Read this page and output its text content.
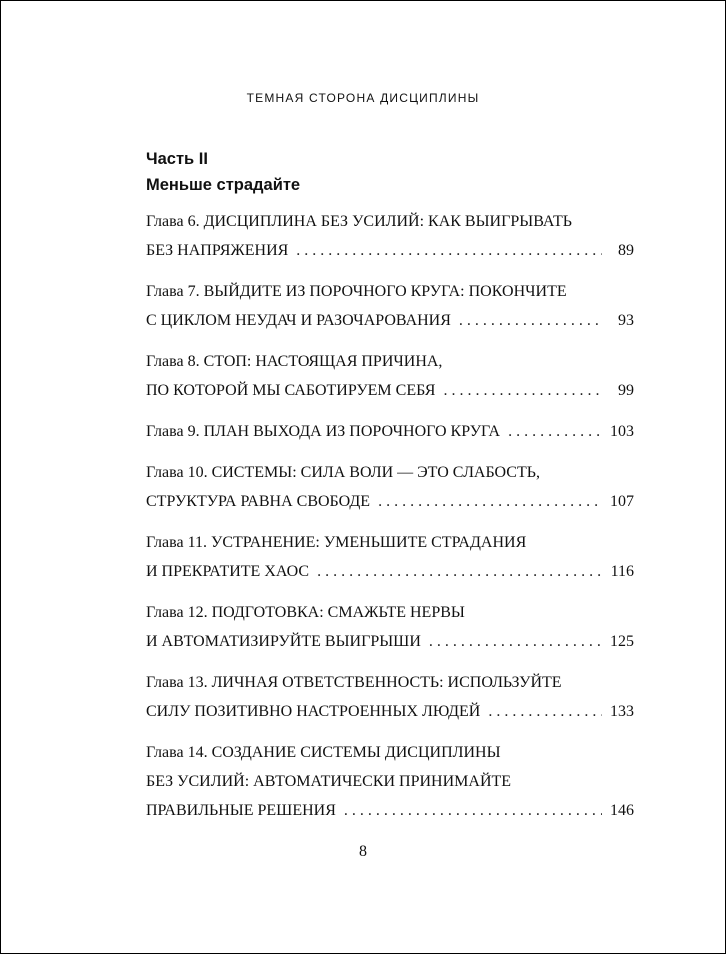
ТЕМНАЯ СТОРОНА ДИСЦИПЛИНЫ
Часть II
Меньше страдайте
Глава 6. ДИСЦИПЛИНА БЕЗ УСИЛИЙ: КАК ВЫИГРЫВАТЬ
БЕЗ НАПРЯЖЕНИЯ . . .	89
Глава 7. ВЫЙДИТЕ ИЗ ПОРОЧНОГО КРУГА: ПОКОНЧИТЕ
С ЦИКЛОМ НЕУДАЧ И РАЗОЧАРОВАНИЯ . . .	93
Глава 8. СТОП: НАСТОЯЩАЯ ПРИЧИНА,
ПО КОТОРОЙ МЫ САБОТИРУЕМ СЕБЯ . . .	99
Глава 9. ПЛАН ВЫХОДА ИЗ ПОРОЧНОГО КРУГА . . .	103
Глава 10. СИСТЕМЫ: СИЛА ВОЛИ — ЭТО СЛАБОСТЬ,
СТРУКТУРА РАВНА СВОБОДЕ . . .	107
Глава 11. УСТРАНЕНИЕ: УМЕНЬШИТЕ СТРАДАНИЯ
И ПРЕКРАТИТЕ ХАОС . . .	116
Глава 12. ПОДГОТОВКА: СМАЖЬТЕ НЕРВЫ
И АВТОМАТИЗИРУЙТЕ ВЫИГРЫШИ . . .	125
Глава 13. ЛИЧНАЯ ОТВЕТСТВЕННОСТЬ: ИСПОЛЬЗУЙТЕ
СИЛУ ПОЗИТИВНО НАСТРОЕННЫХ ЛЮДЕЙ . . .	133
Глава 14. СОЗДАНИЕ СИСТЕМЫ ДИСЦИПЛИНЫ
БЕЗ УСИЛИЙ: АВТОМАТИЧЕСКИ ПРИНИМАЙТЕ
ПРАВИЛЬНЫЕ РЕШЕНИЯ . . .	146
8
